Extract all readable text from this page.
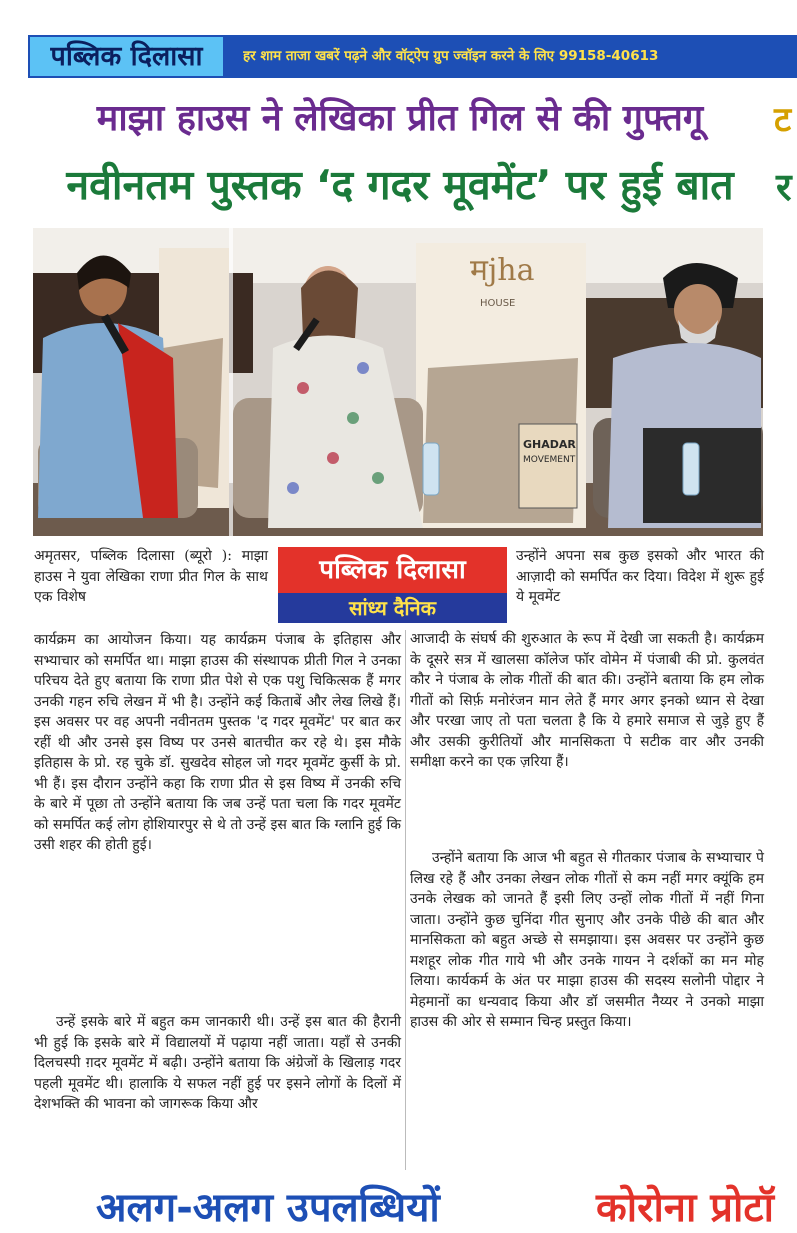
पब्लिक दिलासा	हर शाम ताजा खबरें पढ़ने और वॉट्ऐप ग्रुप ज्वॉइन करने के लिए 99158-40613
माझा हाउस ने लेखिका प्रीत गिल से की गुफ्तगू
नवीनतम पुस्तक ‘द गदर मूवमेंट’ पर हुई बात
ट
र
मjha
HOUSE
GHADAR
MOVEMENT
अमृतसर, पब्लिक दिलासा (ब्यूरो ): माझा हाउस ने युवा लेखिका राणा प्रीत गिल के साथ एक विशेष
पब्लिक दिलासा
सांध्य दैनिक
उन्होंने अपना सब कुछ इसको और भारत की आज़ादी को समर्पित कर दिया। विदेश में शुरू हुई ये मूवमेंट
कार्यक्रम का आयोजन किया। यह कार्यक्रम पंजाब के इतिहास और सभ्याचार को समर्पित था। माझा हाउस की संस्थापक प्रीती गिल ने उनका परिचय देते हुए बताया कि राणा प्रीत पेशे से एक पशु चिकित्सक हैं मगर उनकी गहन रुचि लेखन में भी है। उन्होंने कई किताबें और लेख लिखे हैं। इस अवसर पर वह अपनी नवीनतम पुस्तक 'द गदर मूवमेंट' पर बात कर रहीं थी और उनसे इस विष्य पर उनसे बातचीत कर रहे थे। इस मौके इतिहास के प्रो. रह चुके डॉ. सुखदेव सोहल जो गदर मूवमेंट कुर्सी के प्रो. भी हैं। इस दौरान उन्होंने कहा कि राणा प्रीत से इस विष्य में उनकी रुचि के बारे में पूछा तो उन्होंने बताया कि जब उन्हें पता चला कि गदर मूवमेंट को समर्पित कई लोग होशियारपुर से थे तो उन्हें इस बात कि ग्लानि हुई कि उसी शहर की होती हुई।
उन्हें इसके बारे में बहुत कम जानकारी थी। उन्हें इस बात की हैरानी भी हुई कि इसके बारे में विद्यालयों में पढ़ाया नहीं जाता। यहाँ से उनकी दिलचस्पी ग़दर मूवमेंट में बढ़ी। उन्होंने बताया कि अंग्रेजों के खिलाड़ गदर पहली मूवमेंट थी। हालाकि ये सफल नहीं हुई पर इसने लोगों के दिलों में देशभक्ति की भावना को जागरूक किया और
आजादी के संघर्ष की शुरुआत के रूप में देखी जा सकती है। कार्यक्रम के दूसरे सत्र में खालसा कॉलेज फॉर वोमेन में पंजाबी की प्रो. कुलवंत कौर ने पंजाब के लोक गीतों की बात की। उन्होंने बताया कि हम लोक गीतों को सिर्फ़ मनोरंजन मान लेते हैं मगर अगर इनको ध्यान से देखा और परखा जाए तो पता चलता है कि ये हमारे समाज से जुड़े हुए हैं और उसकी कुरीतियों और मानसिकता पे सटीक वार और उनकी समीक्षा करने का एक ज़रिया हैं।
उन्होंने बताया कि आज भी बहुत से गीतकार पंजाब के सभ्याचार पे लिख रहे हैं और उनका लेखन लोक गीतों से कम नहीं मगर क्यूंकि हम उनके लेखक को जानते हैं इसी लिए उन्हों लोक गीतों में नहीं गिना जाता। उन्होंने कुछ चुनिंदा गीत सुनाए और उनके पीछे की बात और मानसिकता को बहुत अच्छे से समझाया। इस अवसर पर उन्होंने कुछ मशहूर लोक गीत गाये भी और उनके गायन ने दर्शकों का मन मोह लिया। कार्यकर्म के अंत पर माझा हाउस की सदस्य सलोनी पोद्दार ने मेहमानों का धन्यवाद किया और डॉ जसमीत नैय्यर ने उनको माझा हाउस की ओर से सम्मान चिन्ह प्रस्तुत किया।
अलग-अलग उपलब्धियों	कोरोना प्रोटॉ
